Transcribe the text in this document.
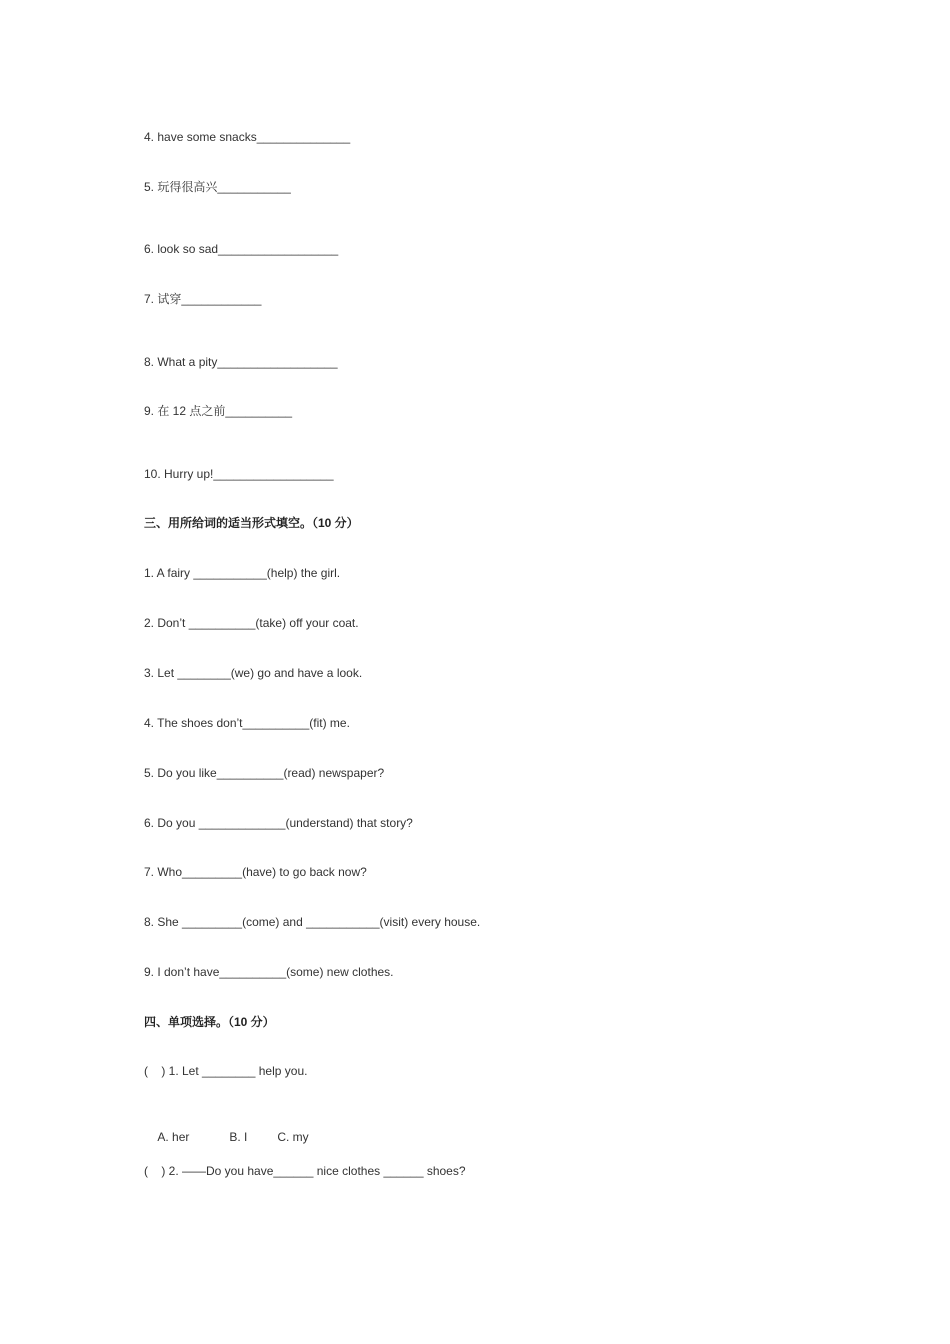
4. have some snacks______________
5. 玩得很高兴___________
6. look so sad__________________
7. 试穿____________
8. What a pity__________________
9. 在 12 点之前__________
10. Hurry up!__________________
三、用所给词的适当形式填空。（10 分）
1. A fairy ___________(help) the girl.
2. Don’t __________(take) off your coat.
3. Let ________(we) go and have a look.
4. The shoes don’t__________(fit) me.
5. Do you like__________(read) newspaper?
6. Do you _____________(understand) that story?
7. Who_________(have) to go back now?
8. She _________(come) and ___________(visit) every house.
9. I don’t have__________(some) new clothes.
四、单项选择。（10 分）
(    ) 1. Let ________ help you.

A. her	B. I C. my

(    ) 2. ——Do you have______ nice clothes ______ shoes?
